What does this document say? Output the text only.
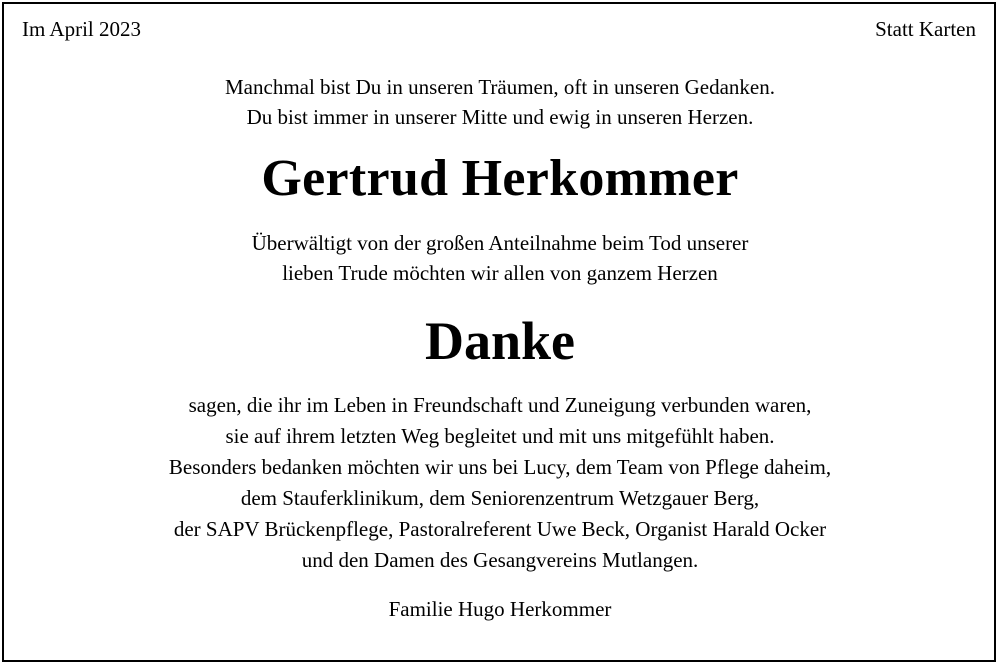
Im April 2023	Statt Karten
Manchmal bist Du in unseren Träumen, oft in unseren Gedanken.
Du bist immer in unserer Mitte und ewig in unseren Herzen.
Gertrud Herkommer
Überwältigt von der großen Anteilnahme beim Tod unserer
lieben Trude möchten wir allen von ganzem Herzen
Danke
sagen, die ihr im Leben in Freundschaft und Zuneigung verbunden waren,
sie auf ihrem letzten Weg begleitet und mit uns mitgefühlt haben.
Besonders bedanken möchten wir uns bei Lucy, dem Team von Pflege daheim,
dem Stauferklinikum, dem Seniorenzentrum Wetzgauer Berg,
der SAPV Brückenpflege, Pastoralreferent Uwe Beck, Organist Harald Ocker
und den Damen des Gesangvereins Mutlangen.
Familie Hugo Herkommer
